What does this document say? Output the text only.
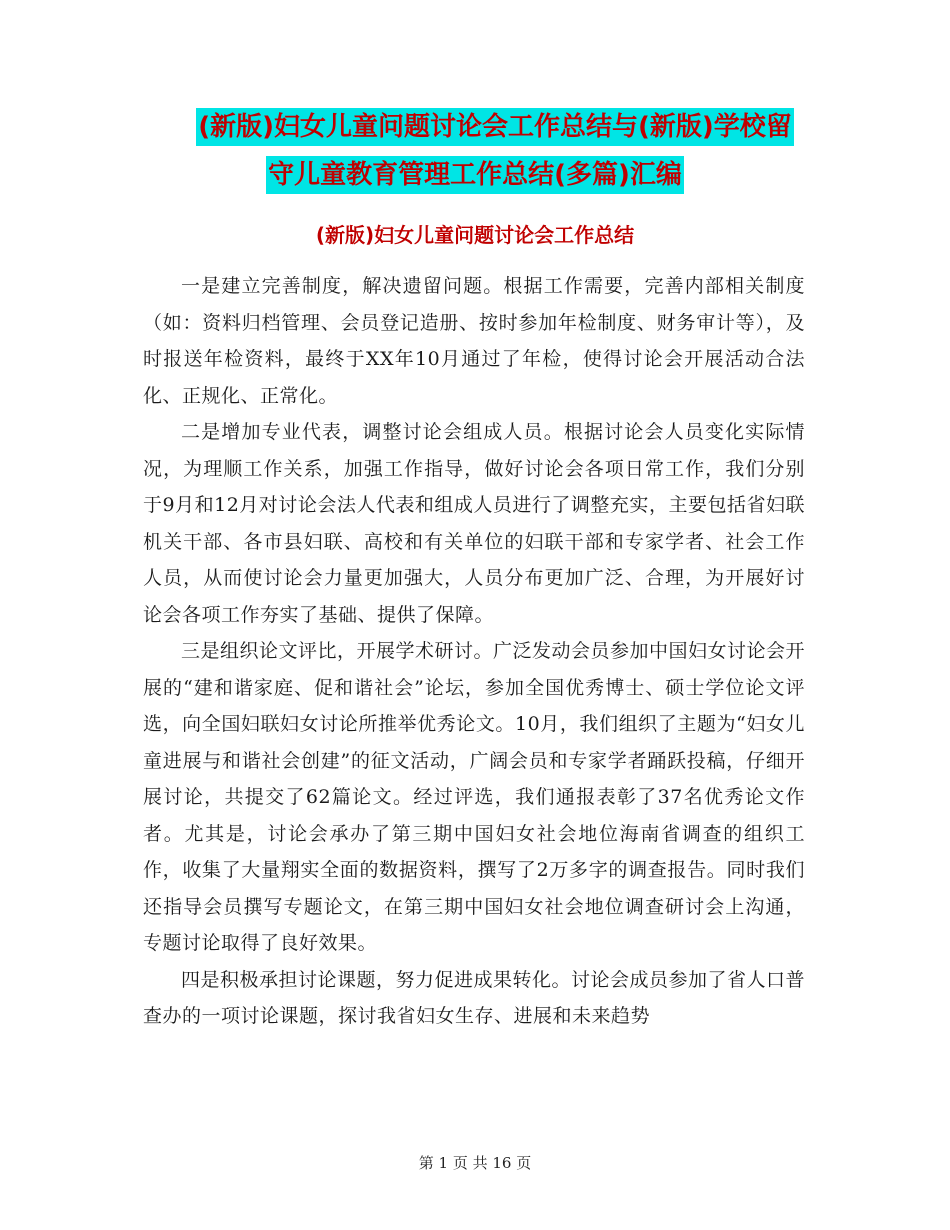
(新版)妇女儿童问题讨论会工作总结与(新版)学校留
守儿童教育管理工作总结(多篇)汇编
(新版)妇女儿童问题讨论会工作总结

一是建立完善制度，解决遗留问题。根据工作需要，完善内部相关制度（如：资料归档管理、会员登记造册、按时参加年检制度、财务审计等），及时报送年检资料，最终于XX年10月通过了年检，使得讨论会开展活动合法化、正规化、正常化。

二是增加专业代表，调整讨论会组成人员。根据讨论会人员变化实际情况，为理顺工作关系，加强工作指导，做好讨论会各项日常工作，我们分别于9月和12月对讨论会法人代表和组成人员进行了调整充实，主要包括省妇联机关干部、各市县妇联、高校和有关单位的妇联干部和专家学者、社会工作人员，从而使讨论会力量更加强大，人员分布更加广泛、合理，为开展好讨论会各项工作夯实了基础、提供了保障。

三是组织论文评比，开展学术研讨。广泛发动会员参加中国妇女讨论会开展的“建和谐家庭、促和谐社会”论坛，参加全国优秀博士、硕士学位论文评选，向全国妇联妇女讨论所推举优秀论文。10月，我们组织了主题为“妇女儿童进展与和谐社会创建”的征文活动，广阔会员和专家学者踊跃投稿，仔细开展讨论，共提交了62篇论文。经过评选，我们通报表彰了37名优秀论文作者。尤其是，讨论会承办了第三期中国妇女社会地位海南省调查的组织工作，收集了大量翔实全面的数据资料，撰写了2万多字的调查报告。同时我们还指导会员撰写专题论文，在第三期中国妇女社会地位调查研讨会上沟通，专题讨论取得了良好效果。

四是积极承担讨论课题，努力促进成果转化。讨论会成员参加了省人口普查办的一项讨论课题，探讨我省妇女生存、进展和未来趋势

第 1 页 共 16 页
